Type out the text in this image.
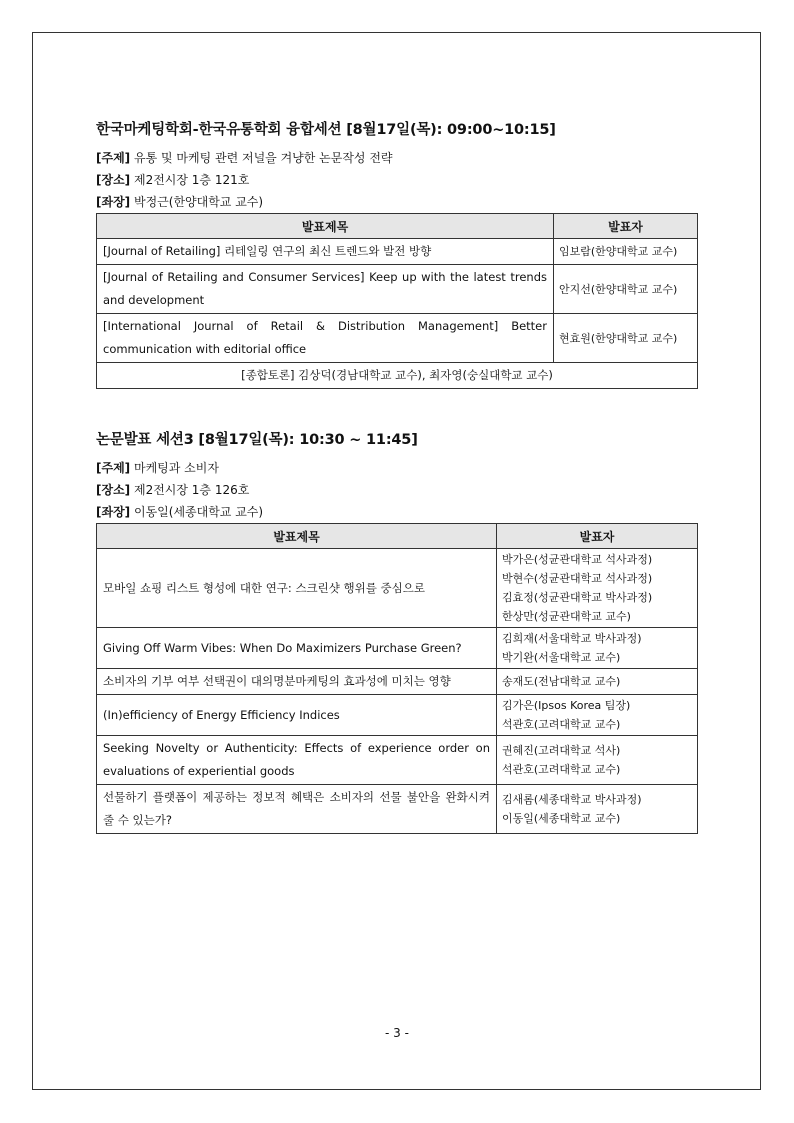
한국마케팅학회-한국유통학회 융합세션 [8월17일(목): 09:00~10:15]
[주제] 유통 및 마케팅 관련 저널을 겨냥한 논문작성 전략
[장소] 제2전시장 1층 121호
[좌장] 박정근(한양대학교 교수)
발표제목	발표자
[Journal of Retailing] 리테일링 연구의 최신 트렌드와 발전 방향	임보람(한양대학교 교수)
[Journal of Retailing and Consumer Services] Keep up with the latest trends and development	안지선(한양대학교 교수)
[International Journal of Retail & Distribution Management] Better communication with editorial office	현효원(한양대학교 교수)
[종합토론] 김상덕(경남대학교 교수), 최자영(숭실대학교 교수)	
논문발표 세션3 [8월17일(목): 10:30 ~ 11:45]
[주제] 마케팅과 소비자
[장소] 제2전시장 1층 126호
[좌장] 이동일(세종대학교 교수)
발표제목	발표자
모바일 쇼핑 리스트 형성에 대한 연구: 스크린샷 행위를 중심으로	박가은(성균관대학교 석사과정)
박현수(성균관대학교 석사과정)
김효정(성균관대학교 박사과정)
한상만(성균관대학교 교수)

Giving Off Warm Vibes: When Do Maximizers Purchase Green?	김희재(서울대학교 박사과정)
박기완(서울대학교 교수)

소비자의 기부 여부 선택권이 대의명분마케팅의 효과성에 미치는 영향	송재도(전남대학교 교수)
(In)efficiency of Energy Efficiency Indices	김가은(Ipsos Korea 팀장)
석관호(고려대학교 교수)

Seeking Novelty or Authenticity: Effects of experience order on evaluations of experiential goods	권혜진(고려대학교 석사)
석관호(고려대학교 교수)

선물하기 플랫폼이 제공하는 정보적 혜택은 소비자의 선물 불안을 완화시켜 줄 수 있는가?	김새롬(세종대학교 박사과정)
이동일(세종대학교 교수)
- 3 -
